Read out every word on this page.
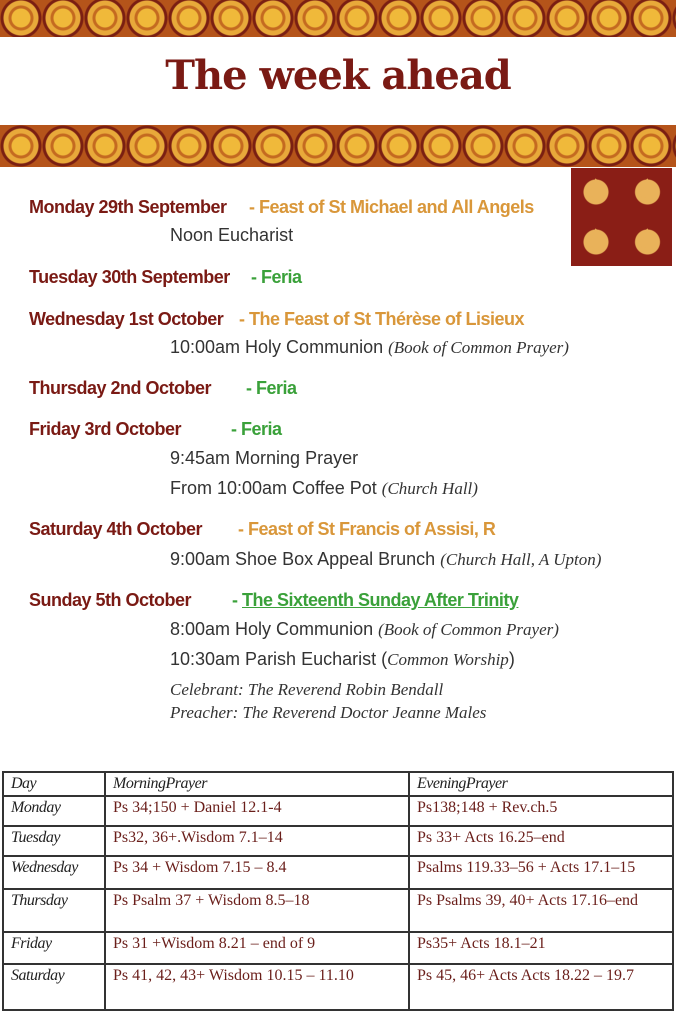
The week ahead
⚜ ⚜
⚜ ⚜
Monday 29th September - Feast of St Michael and All Angels
Noon Eucharist
Tuesday 30th September - Feria
Wednesday 1st October - The Feast of St Thérèse of Lisieux
10:00am Holy Communion (Book of Common Prayer)
Thursday 2nd October - Feria
Friday 3rd October	- Feria
9:45am Morning Prayer
From 10:00am Coffee Pot (Church Hall)
Saturday 4th October - Feast of St Francis of Assisi, R
9:00am Shoe Box Appeal Brunch (Church Hall, A Upton)
Sunday 5th October - The Sixteenth Sunday After Trinity
8:00am Holy Communion (Book of Common Prayer)
10:30am Parish Eucharist (Common Worship)
Celebrant: The Reverend Robin Bendall
Preacher: The Reverend Doctor Jeanne Males
Day	MorningPrayer	EveningPrayer
Monday	Ps 34;150 + Daniel 12.1-4	Ps138;148 + Rev.ch.5
Tuesday	Ps32, 36+.Wisdom 7.1–14	Ps 33+ Acts 16.25–end
Wednesday	Ps 34 + Wisdom 7.15 – 8.4	Psalms 119.33–56 + Acts 17.1–15
Thursday	Ps Psalm 37 + Wisdom 8.5–18	Ps Psalms 39, 40+ Acts 17.16–end
Friday	Ps 31 +Wisdom 8.21 – end of 9	Ps35+ Acts 18.1–21
Saturday	Ps 41, 42, 43+ Wisdom 10.15 – 11.10	Ps 45, 46+ Acts Acts 18.22 – 19.7
